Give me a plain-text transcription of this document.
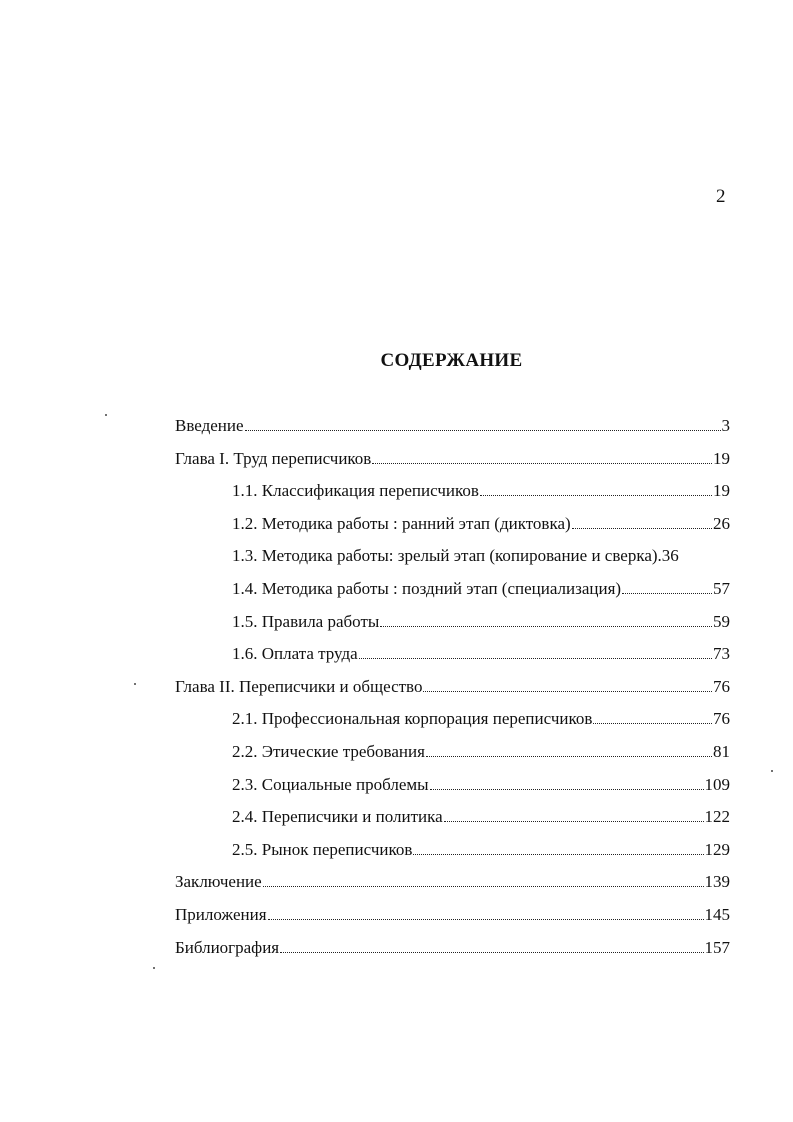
2
СОДЕРЖАНИЕ
Введение	3
Глава I. Труд переписчиков	19
1.1. Классификация переписчиков	19
1.2. Методика работы : ранний этап (диктовка)	26
1.3. Методика работы: зрелый этап (копирование и сверка). 36
1.4. Методика работы : поздний этап (специализация)	57
1.5. Правила работы	59
1.6. Оплата труда	73
Глава II. Переписчики и общество	76
2.1. Профессиональная корпорация переписчиков	76
2.2. Этические требования	81
2.3. Социальные проблемы	109
2.4. Переписчики и политика	122
2.5. Рынок переписчиков	129
Заключение	139
Приложения	145
Библиография	157
